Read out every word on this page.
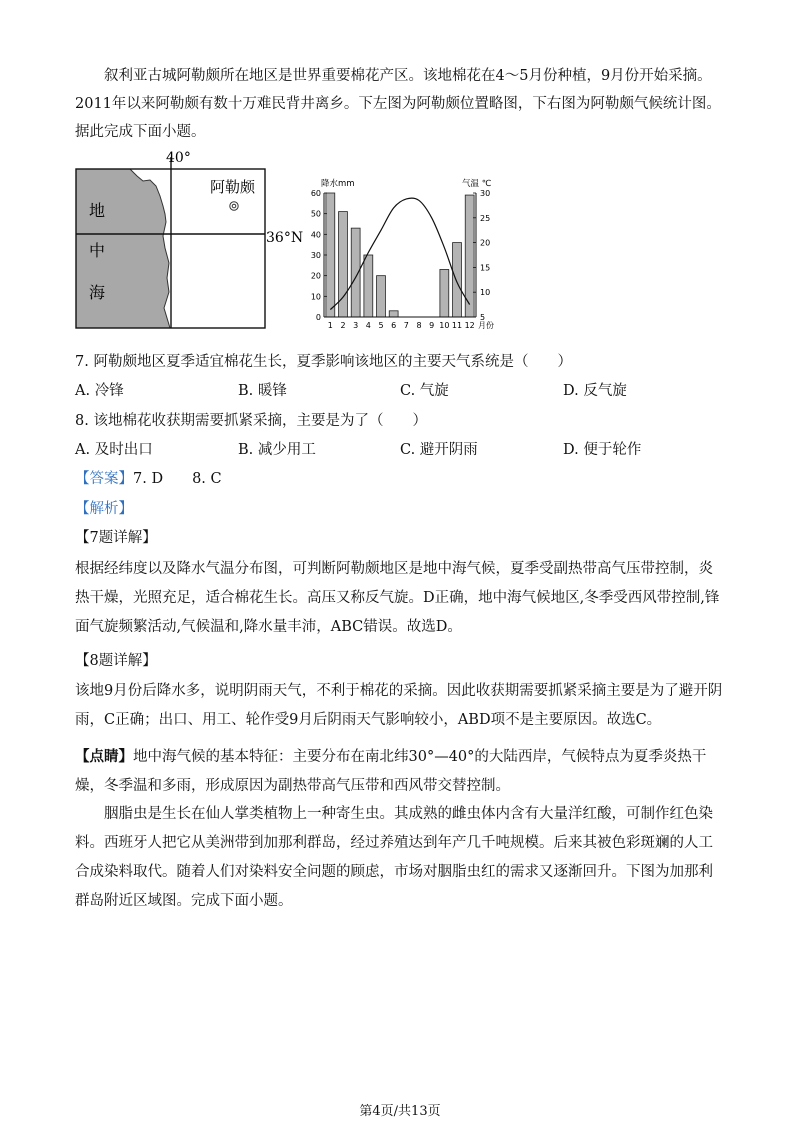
叙利亚古城阿勒颇所在地区是世界重要棉花产区。该地棉花在4～5月份种植，9月份开始采摘。2011年以来阿勒颇有数十万难民背井离乡。下左图为阿勒颇位置略图，下右图为阿勒颇气候统计图。据此完成下面小题。

40°
36°N
阿勒颇
地
中
海
0
10
20
30
40
50
60
5
10
15
20
25
30
1 2 3 4 5 6 7 8 9 10 11 12 月份
降水mm	气温 ℃
7. 阿勒颇地区夏季适宜棉花生长，夏季影响该地区的主要天气系统是（　　）
A. 冷锋	B. 暖锋	C. 气旋	D. 反气旋
8. 该地棉花收获期需要抓紧采摘，主要是为了（　　）
A. 及时出口	B. 减少用工	C. 避开阴雨	D. 便于轮作
【答案】7. D　　8. C
【解析】
【7题详解】

根据经纬度以及降水气温分布图，可判断阿勒颇地区是地中海气候，夏季受副热带高气压带控制，炎热干燥，光照充足，适合棉花生长。高压又称反气旋。D正确，地中海气候地区,冬季受西风带控制,锋面气旋频繁活动,气候温和,降水量丰沛，ABC错误。故选D。

【8题详解】

该地9月份后降水多，说明阴雨天气，不利于棉花的采摘。因此收获期需要抓紧采摘主要是为了避开阴雨，C正确；出口、用工、轮作受9月后阴雨天气影响较小，ABD项不是主要原因。故选C。

【点睛】地中海气候的基本特征：主要分布在南北纬30°—40°的大陆西岸，气候特点为夏季炎热干燥，冬季温和多雨，形成原因为副热带高气压带和西风带交替控制。

胭脂虫是生长在仙人掌类植物上一种寄生虫。其成熟的雌虫体内含有大量洋红酸，可制作红色染料。西班牙人把它从美洲带到加那利群岛，经过养殖达到年产几千吨规模。后来其被色彩斑斓的人工合成染料取代。随着人们对染料安全问题的顾虑，市场对胭脂虫红的需求又逐渐回升。下图为加那利群岛附近区域图。完成下面小题。

第4页/共13页
